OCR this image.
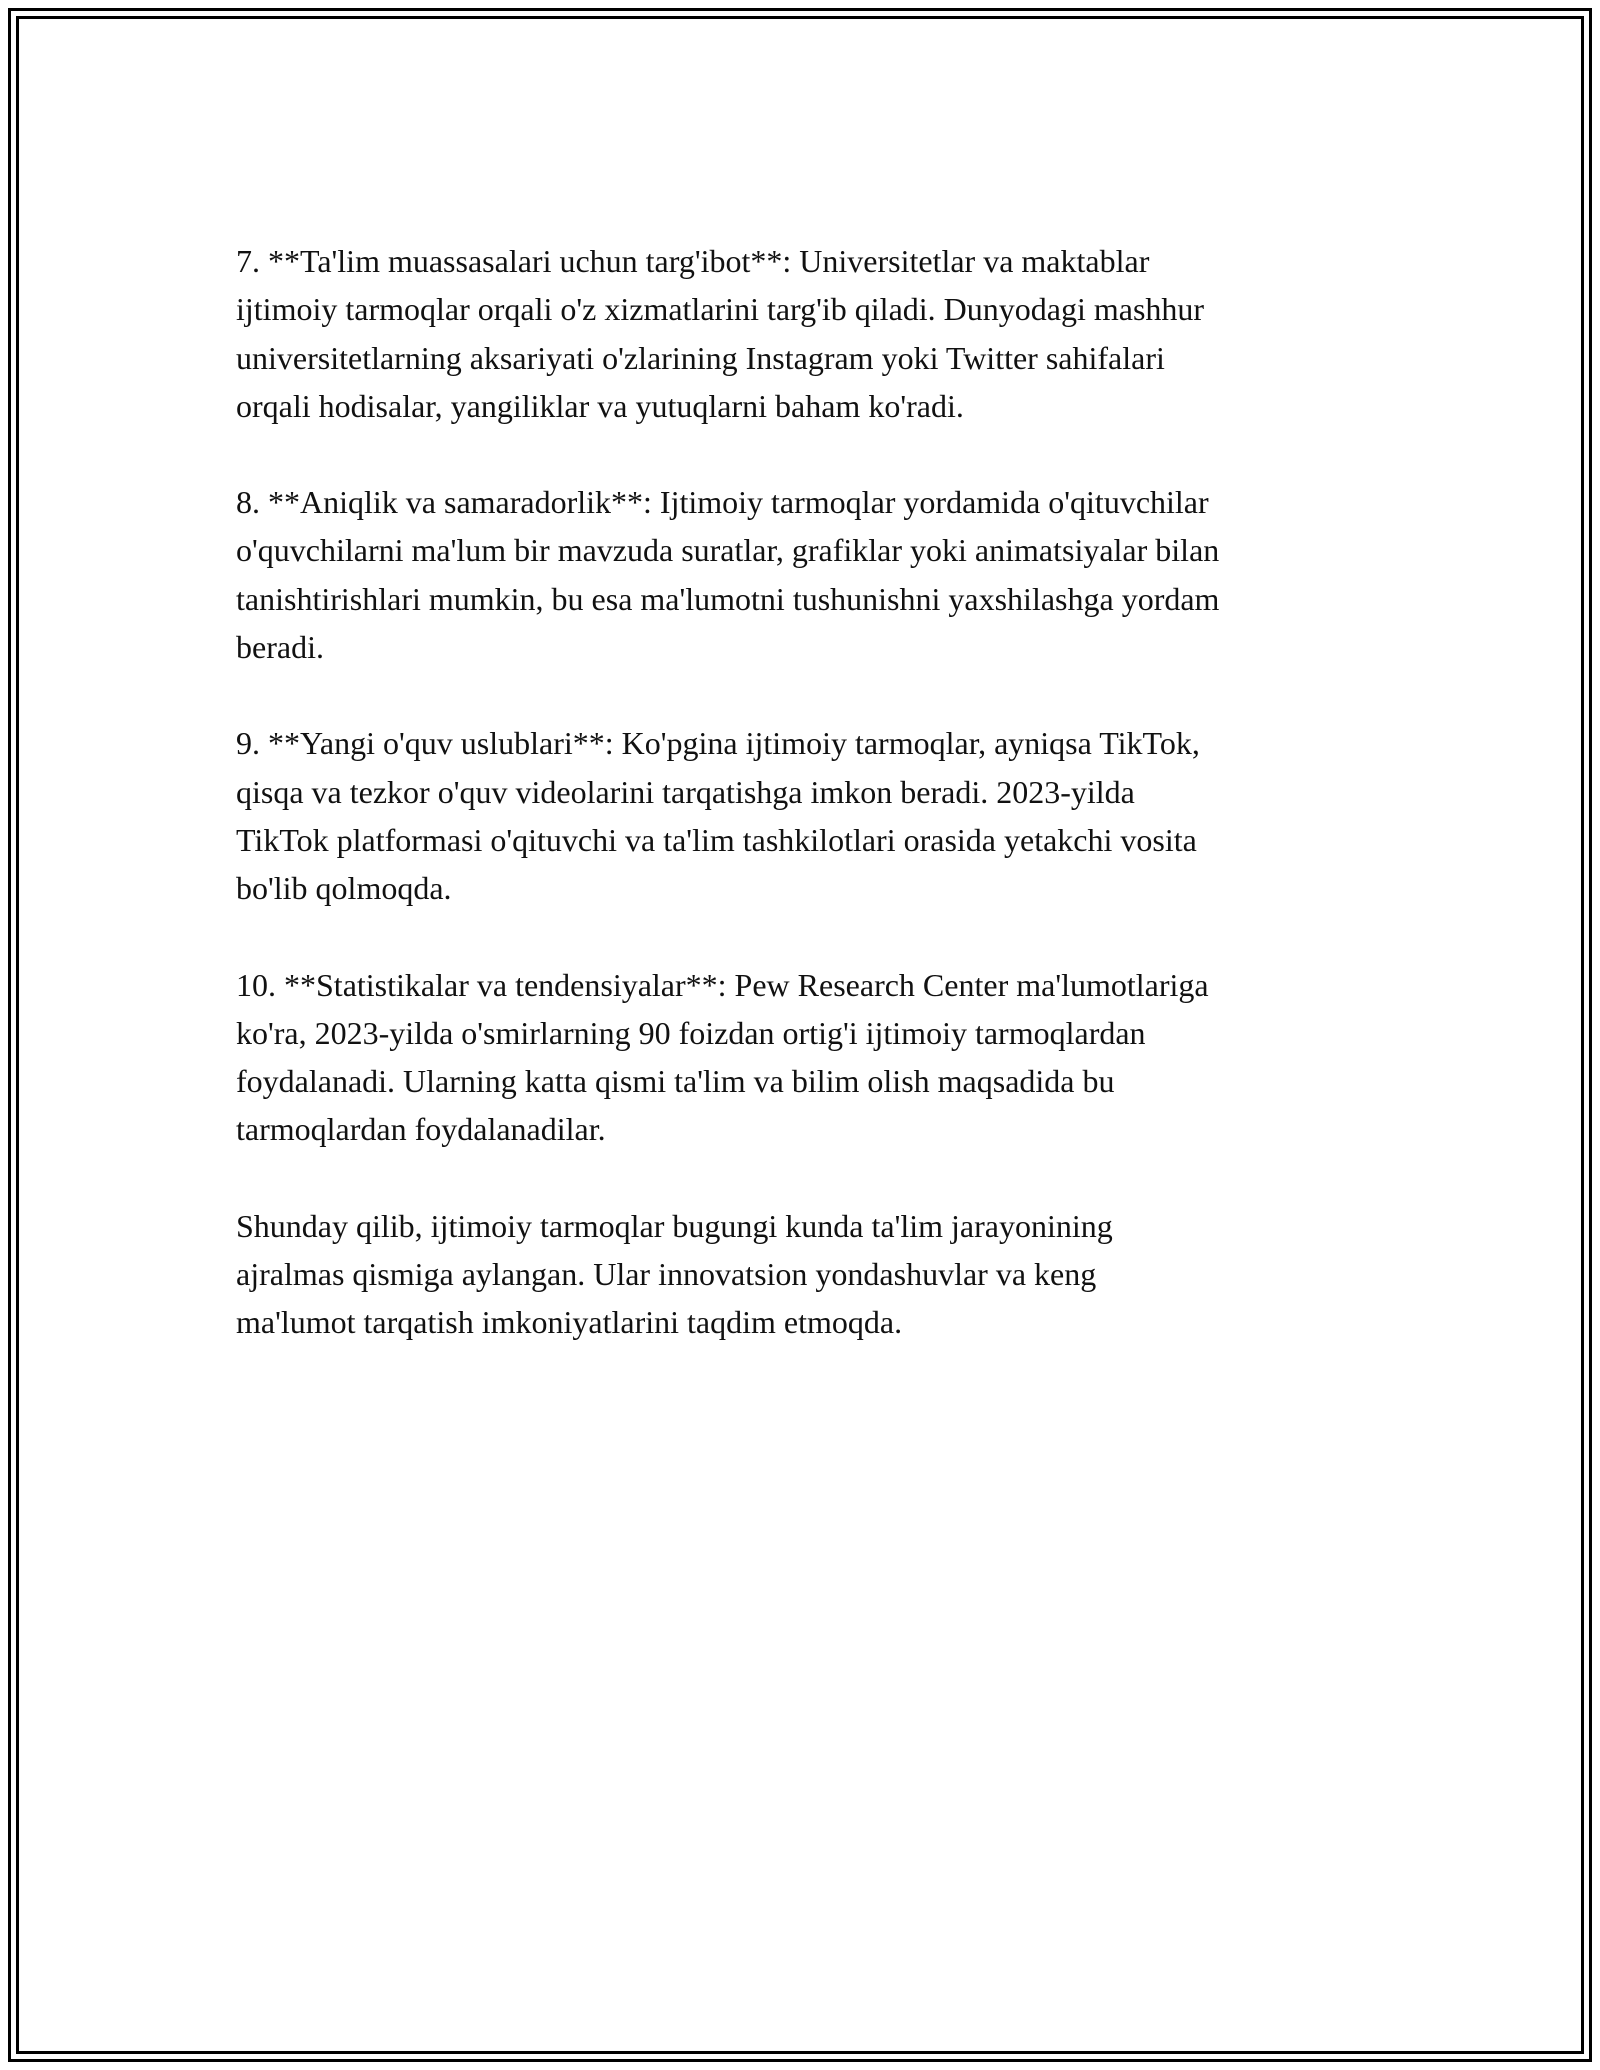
7. **Ta'lim muassasalari uchun targ'ibot**: Universitetlar va maktablar
ijtimoiy tarmoqlar orqali o'z xizmatlarini targ'ib qiladi. Dunyodagi mashhur
universitetlarning aksariyati o'zlarining Instagram yoki Twitter sahifalari
orqali hodisalar, yangiliklar va yutuqlarni baham ko'radi.

8. **Aniqlik va samaradorlik**: Ijtimoiy tarmoqlar yordamida o'qituvchilar
o'quvchilarni ma'lum bir mavzuda suratlar, grafiklar yoki animatsiyalar bilan
tanishtirishlari mumkin, bu esa ma'lumotni tushunishni yaxshilashga yordam
beradi.

9. **Yangi o'quv uslublari**: Ko'pgina ijtimoiy tarmoqlar, ayniqsa TikTok,
qisqa va tezkor o'quv videolarini tarqatishga imkon beradi. 2023-yilda
TikTok platformasi o'qituvchi va ta'lim tashkilotlari orasida yetakchi vosita
bo'lib qolmoqda.

10. **Statistikalar va tendensiyalar**: Pew Research Center ma'lumotlariga
ko'ra, 2023-yilda o'smirlarning 90 foizdan ortig'i ijtimoiy tarmoqlardan
foydalanadi. Ularning katta qismi ta'lim va bilim olish maqsadida bu
tarmoqlardan foydalanadilar.

Shunday qilib, ijtimoiy tarmoqlar bugungi kunda ta'lim jarayonining
ajralmas qismiga aylangan. Ular innovatsion yondashuvlar va keng
ma'lumot tarqatish imkoniyatlarini taqdim etmoqda.
